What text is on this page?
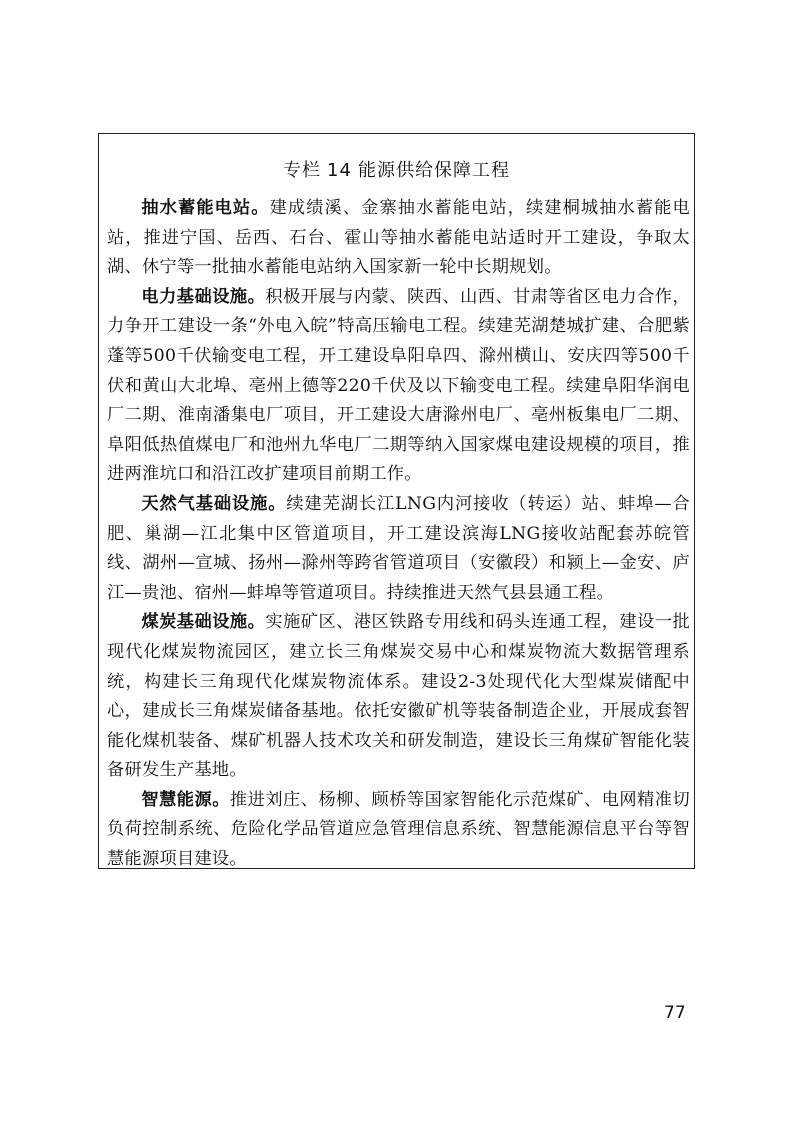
专栏 14 能源供给保障工程

抽水蓄能电站。建成绩溪、金寨抽水蓄能电站，续建桐城抽水蓄能电站，推进宁国、岳西、石台、霍山等抽水蓄能电站适时开工建设，争取太湖、休宁等一批抽水蓄能电站纳入国家新一轮中长期规划。

电力基础设施。积极开展与内蒙、陕西、山西、甘肃等省区电力合作，力争开工建设一条“外电入皖”特高压输电工程。续建芜湖楚城扩建、合肥紫蓬等500千伏输变电工程，开工建设阜阳阜四、滁州横山、安庆四等500千伏和黄山大北埠、亳州上德等220千伏及以下输变电工程。续建阜阳华润电厂二期、淮南潘集电厂项目，开工建设大唐滁州电厂、亳州板集电厂二期、阜阳低热值煤电厂和池州九华电厂二期等纳入国家煤电建设规模的项目，推进两淮坑口和沿江改扩建项目前期工作。

天然气基础设施。续建芜湖长江LNG内河接收（转运）站、蚌埠—合肥、巢湖—江北集中区管道项目，开工建设滨海LNG接收站配套苏皖管线、湖州—宣城、扬州—滁州等跨省管道项目（安徽段）和颍上—金安、庐江—贵池、宿州—蚌埠等管道项目。持续推进天然气县县通工程。

煤炭基础设施。实施矿区、港区铁路专用线和码头连通工程，建设一批现代化煤炭物流园区，建立长三角煤炭交易中心和煤炭物流大数据管理系统，构建长三角现代化煤炭物流体系。建设2-3处现代化大型煤炭储配中心，建成长三角煤炭储备基地。依托安徽矿机等装备制造企业，开展成套智能化煤机装备、煤矿机器人技术攻关和研发制造，建设长三角煤矿智能化装备研发生产基地。

智慧能源。推进刘庄、杨柳、顾桥等国家智能化示范煤矿、电网精准切负荷控制系统、危险化学品管道应急管理信息系统、智慧能源信息平台等智慧能源项目建设。

77
